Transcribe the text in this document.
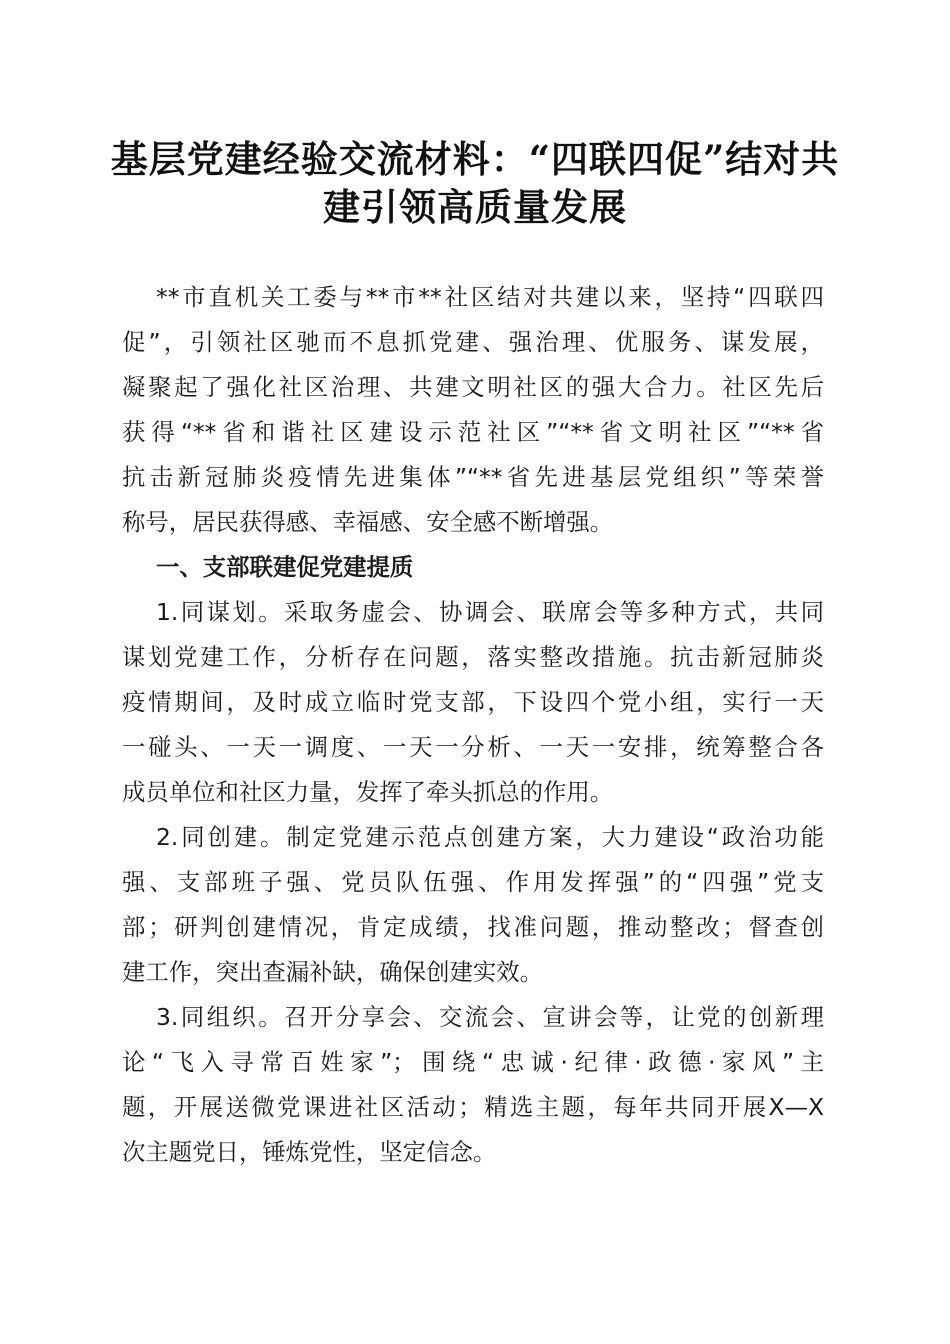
基层党建经验交流材料：“四联四促”结对共
建引领高质量发展
**市直机关工委与**市**社区结对共建以来，坚持“四联四
促”，引领社区驰而不息抓党建、强治理、优服务、谋发展，
凝聚起了强化社区治理、共建文明社区的强大合力。社区先后
获得“**省和谐社区建设示范社区”“**省文明社区”“**省
抗击新冠肺炎疫情先进集体”“**省先进基层党组织”等荣誉
称号，居民获得感、幸福感、安全感不断增强。
一、支部联建促党建提质
1.同谋划。采取务虚会、协调会、联席会等多种方式，共同
谋划党建工作，分析存在问题，落实整改措施。抗击新冠肺炎
疫情期间，及时成立临时党支部，下设四个党小组，实行一天
一碰头、一天一调度、一天一分析、一天一安排，统筹整合各
成员单位和社区力量，发挥了牵头抓总的作用。
2.同创建。制定党建示范点创建方案，大力建设“政治功能
强、支部班子强、党员队伍强、作用发挥强”的“四强”党支
部；研判创建情况，肯定成绩，找准问题，推动整改；督查创
建工作，突出查漏补缺，确保创建实效。
3.同组织。召开分享会、交流会、宣讲会等，让党的创新理
论“飞入寻常百姓家”；围绕“忠诚·纪律·政德·家风”主
题，开展送微党课进社区活动；精选主题，每年共同开展X—X
次主题党日，锤炼党性，坚定信念。
